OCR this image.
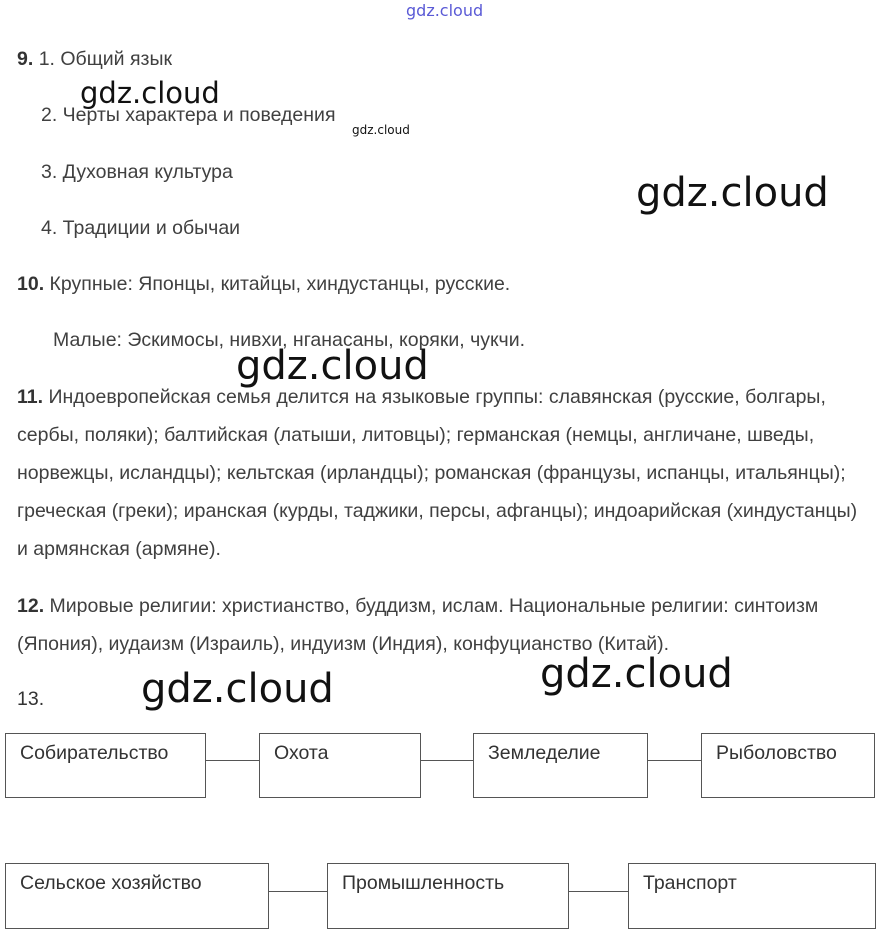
gdz.cloud
9. 1. Общий язык
2. Черты характера и поведения
3. Духовная культура
4. Традиции и обычаи
10. Крупные: Японцы, китайцы, хиндустанцы, русские.
Малые: Эскимосы, нивхи, нганасаны, коряки, чукчи.
11. Индоевропейская семья делится на языковые группы: славянская (русские, болгары, сербы, поляки); балтийская (латыши, литовцы); германская (немцы, англичане, шведы, норвежцы, исландцы); кельтская (ирландцы); романская (французы, испанцы, итальянцы); греческая (греки); иранская (курды, таджики, персы, афганцы); индоарийская (хиндустанцы) и армянская (армяне).
12. Мировые религии: христианство, буддизм, ислам. Национальные религии: синтоизм (Япония), иудаизм (Израиль), индуизм (Индия), конфуцианство (Китай).
13.
Собирательство	Охота	Земледелие	Рыболовство
Сельское хозяйство	Промышленность	Транспорт
gdz.cloud
gdz.cloud
gdz.cloud
gdz.cloud
gdz.cloud
gdz.cloud
